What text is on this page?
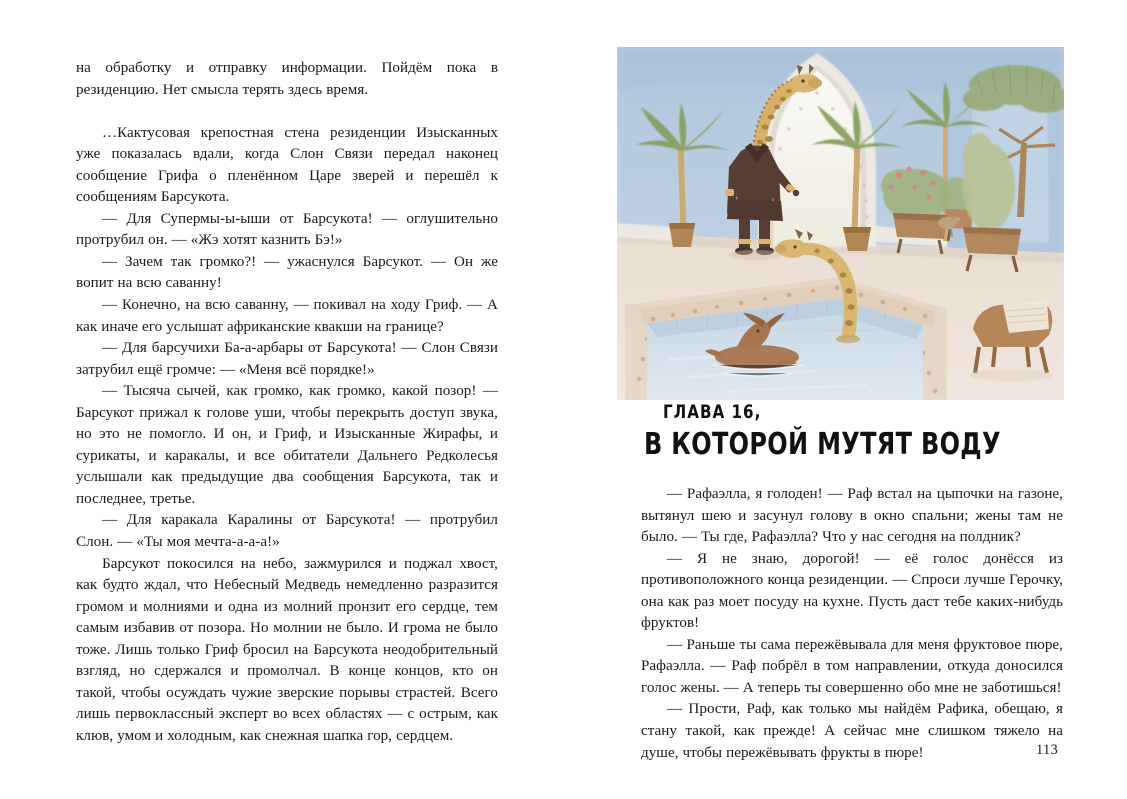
на обработку и отправку информации. Пойдём пока в резиденцию. Нет смысла терять здесь время.

…Кактусовая крепостная стена резиденции Изысканных уже показалась вдали, когда Слон Связи передал наконец сообщение Грифа о пленённом Царе зверей и перешёл к сообщениям Барсукота.

— Для Супермы-ы-ыши от Барсукота! — оглушительно протрубил он. — «Жэ хотят казнить Бэ!»

— Зачем так громко?! — ужаснулся Барсукот. — Он же вопит на всю саванну!

— Конечно, на всю саванну, — покивал на ходу Гриф. — А как иначе его услышат африканские квакши на границе?

— Для барсучихи Ба-а-арбары от Барсукота! — Слон Связи затрубил ещё громче: — «Меня всё порядке!»

— Тысяча сычей, как громко, как громко, какой позор! — Барсукот прижал к голове уши, чтобы перекрыть доступ звука, но это не помогло. И он, и Гриф, и Изысканные Жирафы, и сурикаты, и каракалы, и все обитатели Дальнего Редколесья услышали как предыдущие два сообщения Барсукота, так и последнее, третье.

— Для каракала Каралины от Барсукота! — протрубил Слон. — «Ты моя мечта-а-а-а!»

Барсукот покосился на небо, зажмурился и поджал хвост, как будто ждал, что Небесный Медведь немедленно разразится громом и молниями и одна из молний пронзит его сердце, тем самым избавив от позора. Но молнии не было. И грома не было тоже. Лишь только Гриф бросил на Барсукота неодобрительный взгляд, но сдержался и промолчал. В конце концов, кто он такой, чтобы осуждать чужие зверские порывы страстей. Всего лишь первоклассный эксперт во всех областях — с острым, как клюв, умом и холодным, как снежная шапка гор, сердцем.

ГЛАВА 16,
В КОТОРОЙ МУТЯТ ВОДУ

— Рафаэлла, я голоден! — Раф встал на цыпочки на газоне, вытянул шею и засунул голову в окно спальни; жены там не было. — Ты где, Рафаэлла? Что у нас сегодня на полдник?

— Я не знаю, дорогой! — её голос донёсся из противоположного конца резиденции. — Спроси лучше Герочку, она как раз моет посуду на кухне. Пусть даст тебе каких-нибудь фруктов!

— Раньше ты сама пережёвывала для меня фруктовое пюре, Рафаэлла. — Раф побрёл в том направлении, откуда доносился голос жены. — А теперь ты совершенно обо мне не заботишься!

— Прости, Раф, как только мы найдём Рафика, обещаю, я стану такой, как прежде! А сейчас мне слишком тяжело на душе, чтобы пережёвывать фрукты в пюре!	113
